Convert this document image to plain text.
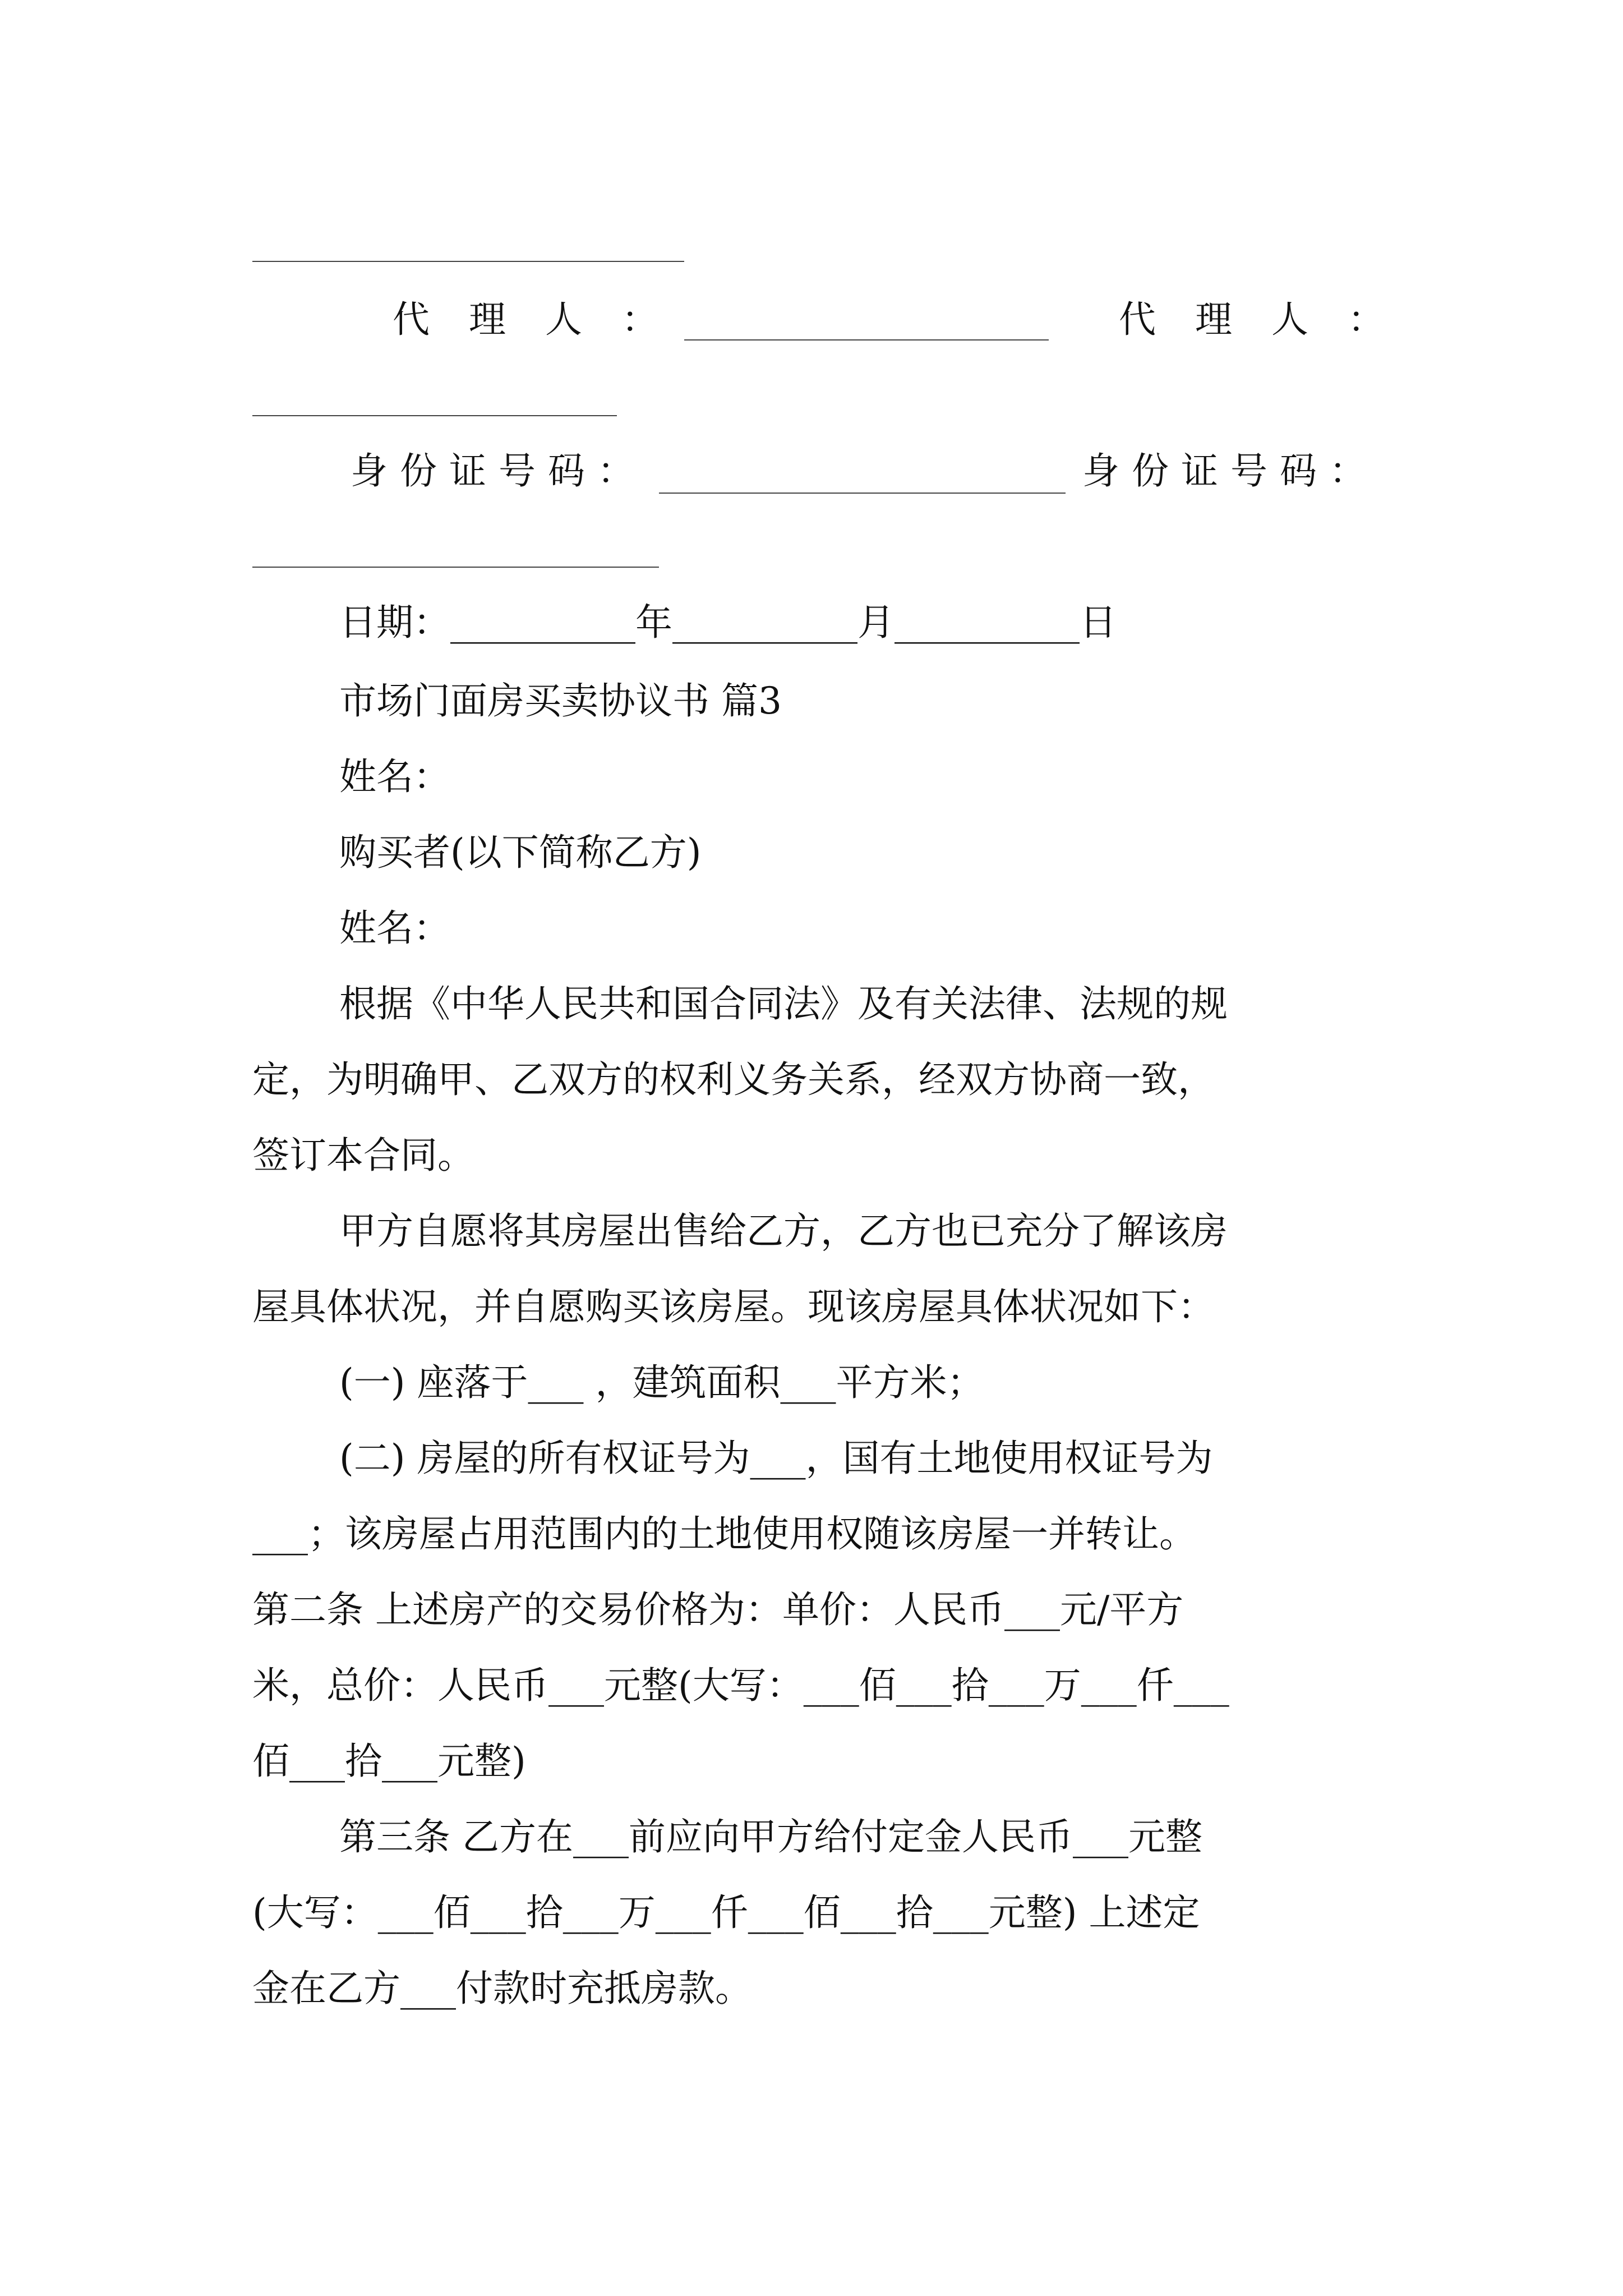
代理人：	代理人：
身份证号码：	身份证号码：
日期：__________年__________月__________日
市场门面房买卖协议书 篇3
姓名：
购买者(以下简称乙方)
姓名：
根据《中华人民共和国合同法》及有关法律、法规的规
定，为明确甲、乙双方的权利义务关系，经双方协商一致，
签订本合同。
甲方自愿将其房屋出售给乙方，乙方也已充分了解该房
屋具体状况，并自愿购买该房屋。现该房屋具体状况如下：
(一) 座落于___ ，建筑面积___平方米；
(二) 房屋的所有权证号为___，国有土地使用权证号为
___；该房屋占用范围内的土地使用权随该房屋一并转让。
第二条 上述房产的交易价格为：单价：人民币___元/平方
米，总价：人民币___元整(大写：___佰___拾___万___仟___
佰___拾___元整)
第三条 乙方在___前应向甲方给付定金人民币___元整
(大写：___佰___拾___万___仟___佰___拾___元整) 上述定
金在乙方___付款时充抵房款。
